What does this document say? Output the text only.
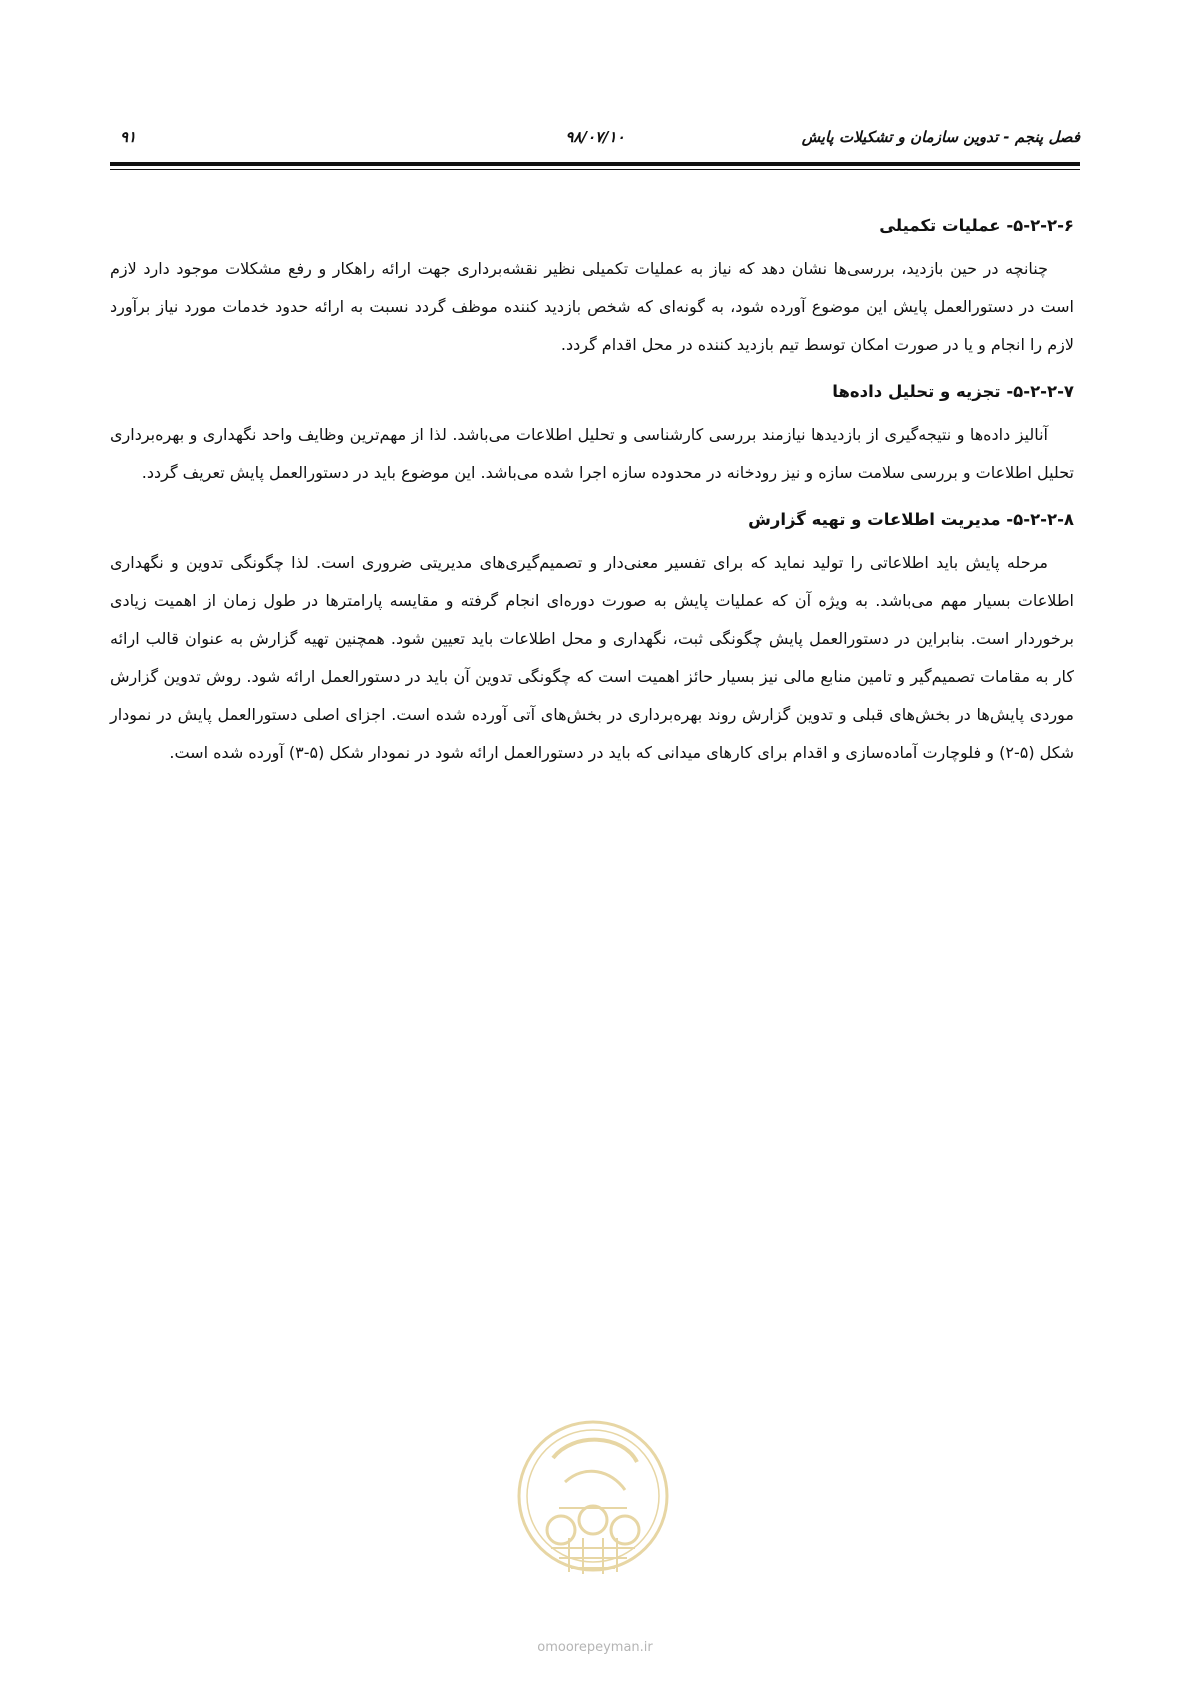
فصل پنجم - تدوین سازمان و تشکیلات پایش
۹۸/۰۷/۱۰
۹۱
۵-۲-۲-۶- عملیات تکمیلی

چنانچه در حین بازدید، بررسی‌ها نشان دهد که نیاز به عملیات تکمیلی نظیر نقشه‌برداری جهت ارائه راهکار و رفع مشکلات موجود دارد لازم است در دستورالعمل پایش این موضوع آورده شود، به گونه‌ای که شخص بازدید کننده موظف گردد نسبت به ارائه حدود خدمات مورد نیاز برآورد لازم را انجام و یا در صورت امکان توسط تیم بازدید کننده در محل اقدام گردد.

۵-۲-۲-۷- تجزیه و تحلیل داده‌ها

آنالیز داده‌ها و نتیجه‌گیری از بازدیدها نیازمند بررسی کارشناسی و تحلیل اطلاعات می‌باشد. لذا از مهم‌ترین وظایف واحد نگهداری و بهره‌برداری تحلیل اطلاعات و بررسی سلامت سازه و نیز رودخانه در محدوده سازه اجرا شده می‌باشد. این موضوع باید در دستورالعمل پایش تعریف گردد.

۵-۲-۲-۸- مدیریت اطلاعات و تهیه گزارش

مرحله پایش باید اطلاعاتی را تولید نماید که برای تفسیر معنی‌دار و تصمیم‌گیری‌های مدیریتی ضروری است. لذا چگونگی تدوین و نگهداری اطلاعات بسیار مهم می‌باشد. به ویژه آن که عملیات پایش به صورت دوره‌ای انجام گرفته و مقایسه پارامترها در طول زمان از اهمیت زیادی برخوردار است. بنابراین در دستورالعمل پایش چگونگی ثبت، نگهداری و محل اطلاعات باید تعیین شود. همچنین تهیه گزارش به عنوان قالب ارائه کار به مقامات تصمیم‌گیر و تامین منابع مالی نیز بسیار حائز اهمیت است که چگونگی تدوین آن باید در دستورالعمل ارائه شود. روش تدوین گزارش موردی پایش‌ها در بخش‌های قبلی و تدوین گزارش روند بهره‌برداری در بخش‌های آتی آورده شده است. اجزای اصلی دستورالعمل پایش در نمودار شکل (۵-۲) و فلوچارت آماده‌سازی و اقدام برای کارهای میدانی که باید در دستورالعمل ارائه شود در نمودار شکل (۵-۳) آورده شده است.

omoorepeyman.ir
